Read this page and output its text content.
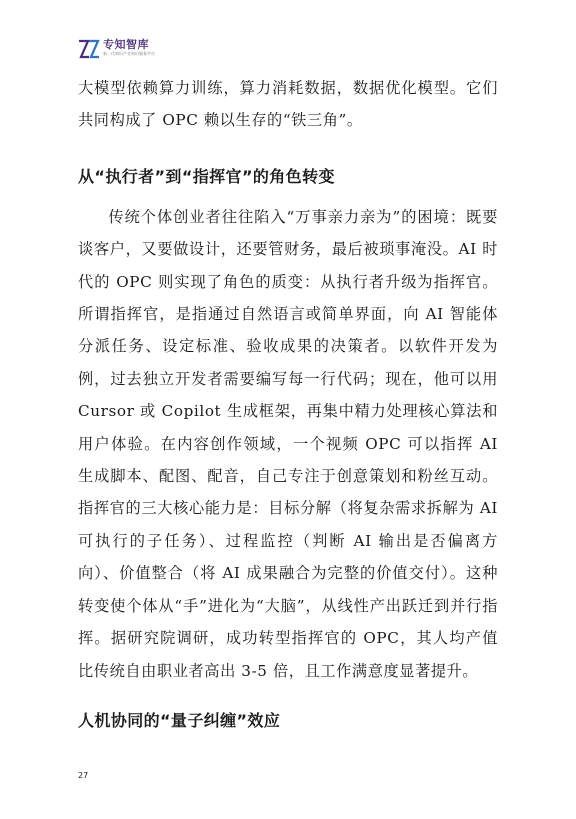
专知智库
新一代知识产业知识服务平台

大模型依赖算力训练，算力消耗数据，数据优化模型。它们共同构成了 OPC 赖以生存的“铁三角”。

从“执行者”到“指挥官”的角色转变

传统个体创业者往往陷入“万事亲力亲为”的困境：既要谈客户，又要做设计，还要管财务，最后被琐事淹没。AI 时代的 OPC 则实现了角色的质变：从执行者升级为指挥官。所谓指挥官，是指通过自然语言或简单界面，向 AI 智能体分派任务、设定标准、验收成果的决策者。以软件开发为例，过去独立开发者需要编写每一行代码；现在，他可以用 Cursor 或 Copilot 生成框架，再集中精力处理核心算法和用户体验。在内容创作领域，一个视频 OPC 可以指挥 AI 生成脚本、配图、配音，自己专注于创意策划和粉丝互动。指挥官的三大核心能力是：目标分解（将复杂需求拆解为 AI 可执行的子任务）、过程监控（判断 AI 输出是否偏离方向）、价值整合（将 AI 成果融合为完整的价值交付）。这种转变使个体从“手”进化为“大脑”，从线性产出跃迁到并行指挥。据研究院调研，成功转型指挥官的 OPC，其人均产值比传统自由职业者高出 3-5 倍，且工作满意度显著提升。

人机协同的“量子纠缠”效应
27
